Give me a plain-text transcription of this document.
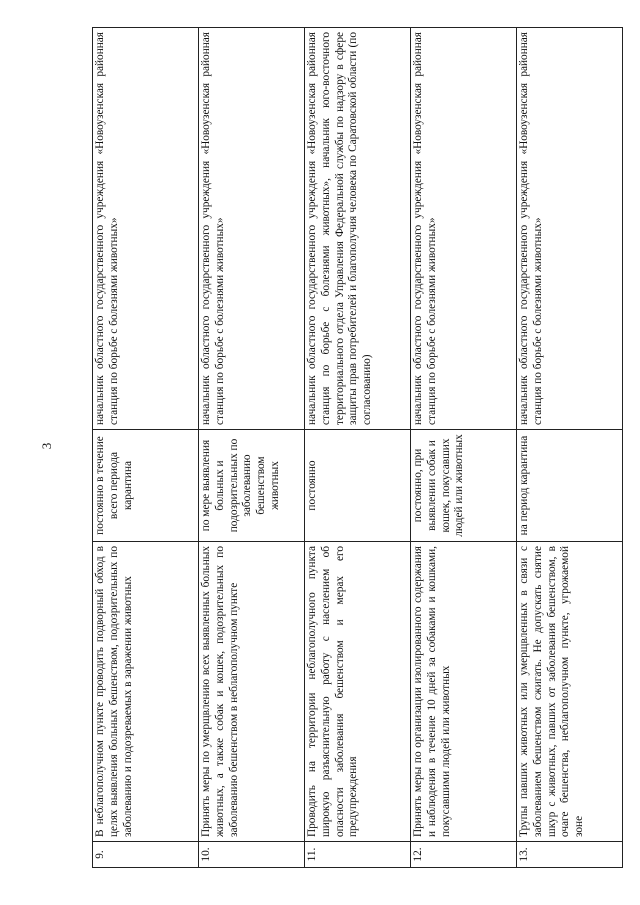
3
9.	В неблагополучном пункте проводить подворный обход в целях выявления больных бешенством, подозрительных по заболеванию и подозреваемых в заражении животных	постоянно в течение всего периода карантина	начальник областного государственного учреждения «Новоузенская районная станция по борьбе с болезнями животных»
10.	Принять меры по умерщвлению всех выявленных больных животных, а также собак и кошек, подозрительных по заболеванию бешенством в неблагополучном пункте	по мере выявления больных и подозрительных по заболеванию бешенством животных	начальник областного государственного учреждения «Новоузенская районная станция по борьбе с болезнями животных»
11.	Проводить на территории неблагополучного пункта широкую разъяснительную работу с населением об опасности заболевания бешенством и мерах его предупреждения	постоянно	начальник областного государственного учреждения «Новоузенская районная станция по борьбе с болезнями животных», начальник юго-восточного территориального отдела Управления Федеральной службы по надзору в сфере защиты прав потребителей и благополучия человека по Саратовской области (по согласованию)
12.	Принять меры по организации изолированного содержания и наблюдения в течение 10 дней за собаками и кошками, покусавшими людей или животных	постоянно, при выявлении собак и кошек, покусавших людей или животных	начальник областного государственного учреждения «Новоузенская районная станция по борьбе с болезнями животных»
13.	Трупы павших животных или умерщвленных в связи с заболеванием бешенством сжигать. Не допускать снятие шкур с животных, павших от заболевания бешенством, в очаге бешенства, неблагополучном пункте, угрожаемой зоне	на период карантина	начальник областного государственного учреждения «Новоузенская районная станция по борьбе с болезнями животных»
